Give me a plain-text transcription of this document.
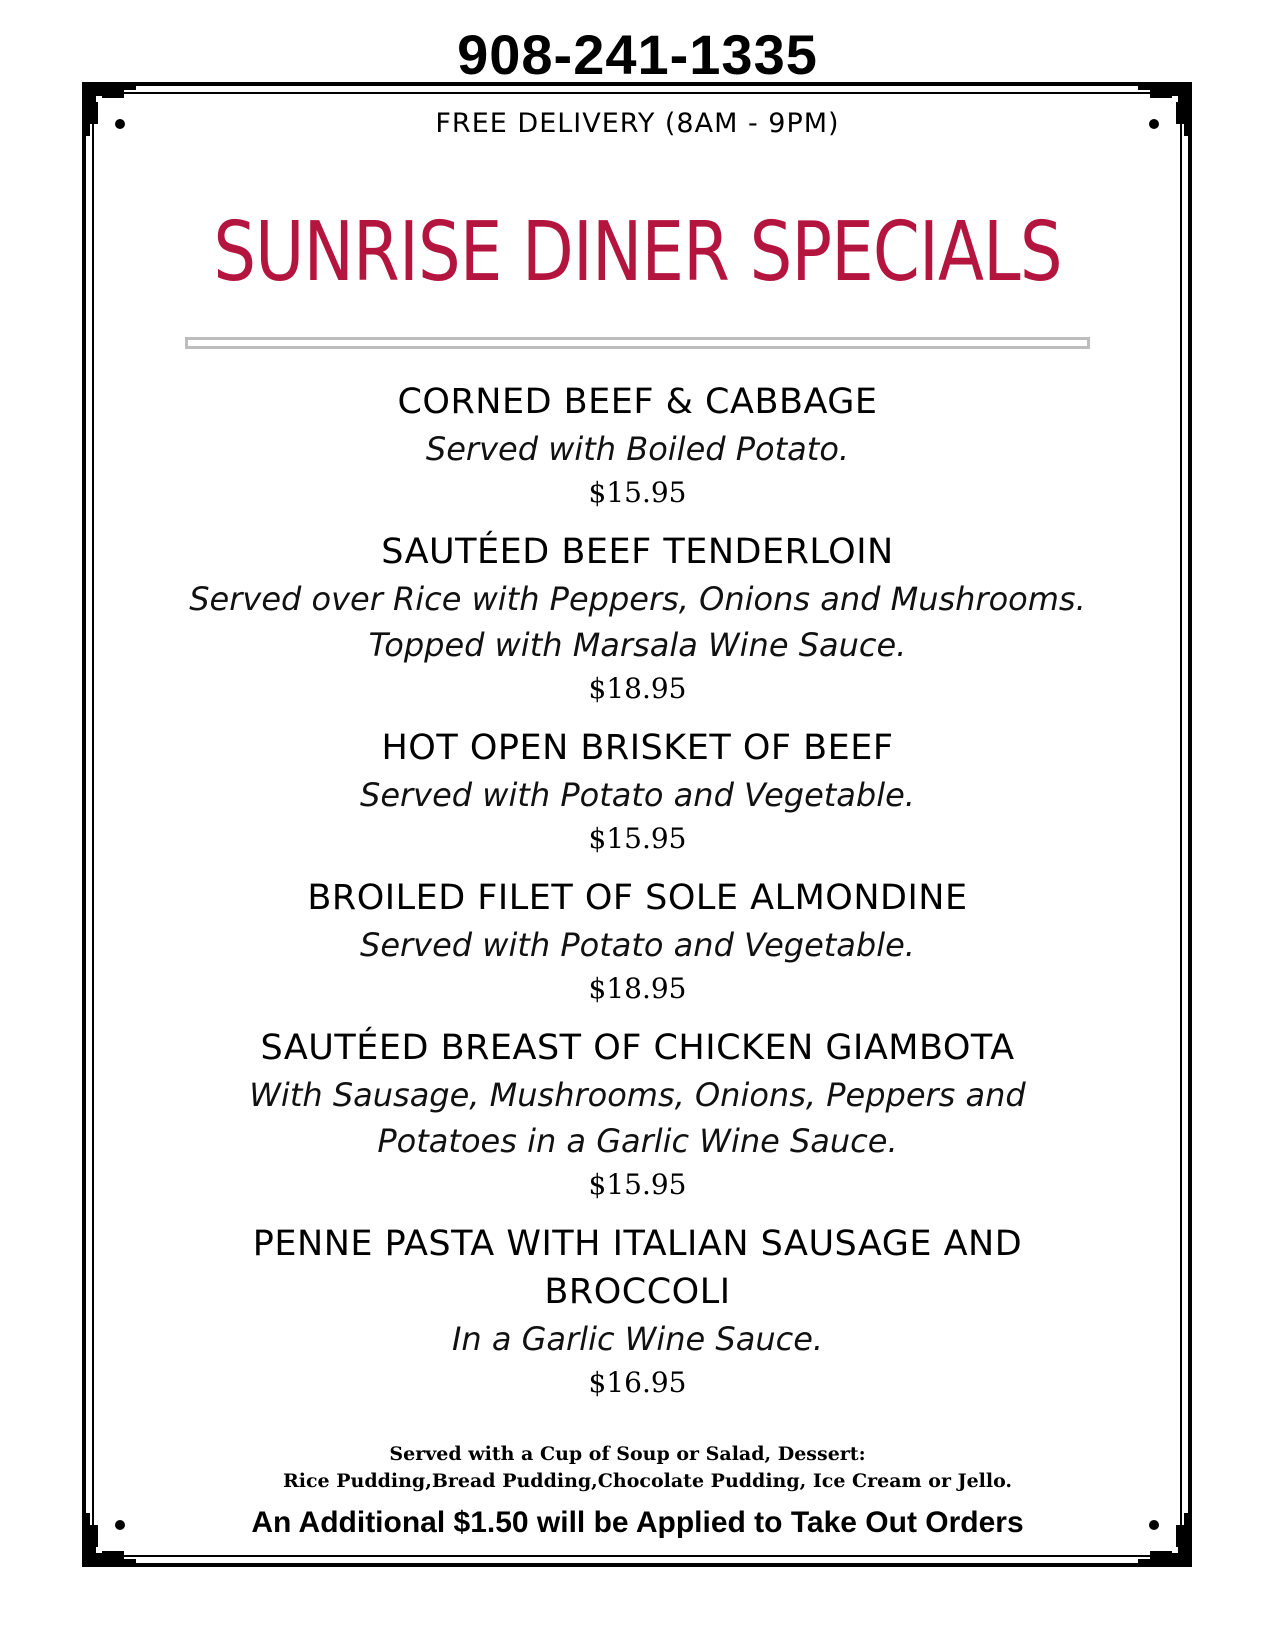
908-241-1335
FREE DELIVERY (8AM - 9PM)
SUNRISE DINER SPECIALS
CORNED BEEF & CABBAGE
Served with Boiled Potato.
$15.95
SAUTÉED BEEF TENDERLOIN
Served over Rice with Peppers, Onions and Mushrooms.
Topped with Marsala Wine Sauce.
$18.95
HOT OPEN BRISKET OF BEEF
Served with Potato and Vegetable.
$15.95
BROILED FILET OF SOLE ALMONDINE
Served with Potato and Vegetable.
$18.95
SAUTÉED BREAST OF CHICKEN GIAMBOTA
With Sausage, Mushrooms, Onions, Peppers and
Potatoes in a Garlic Wine Sauce.
$15.95
PENNE PASTA WITH ITALIAN SAUSAGE AND
BROCCOLI
In a Garlic Wine Sauce.
$16.95
Served with a Cup of Soup or Salad, Dessert:
Rice Pudding,Bread Pudding,Chocolate Pudding, Ice Cream or Jello.
An Additional $1.50 will be Applied to Take Out Orders
